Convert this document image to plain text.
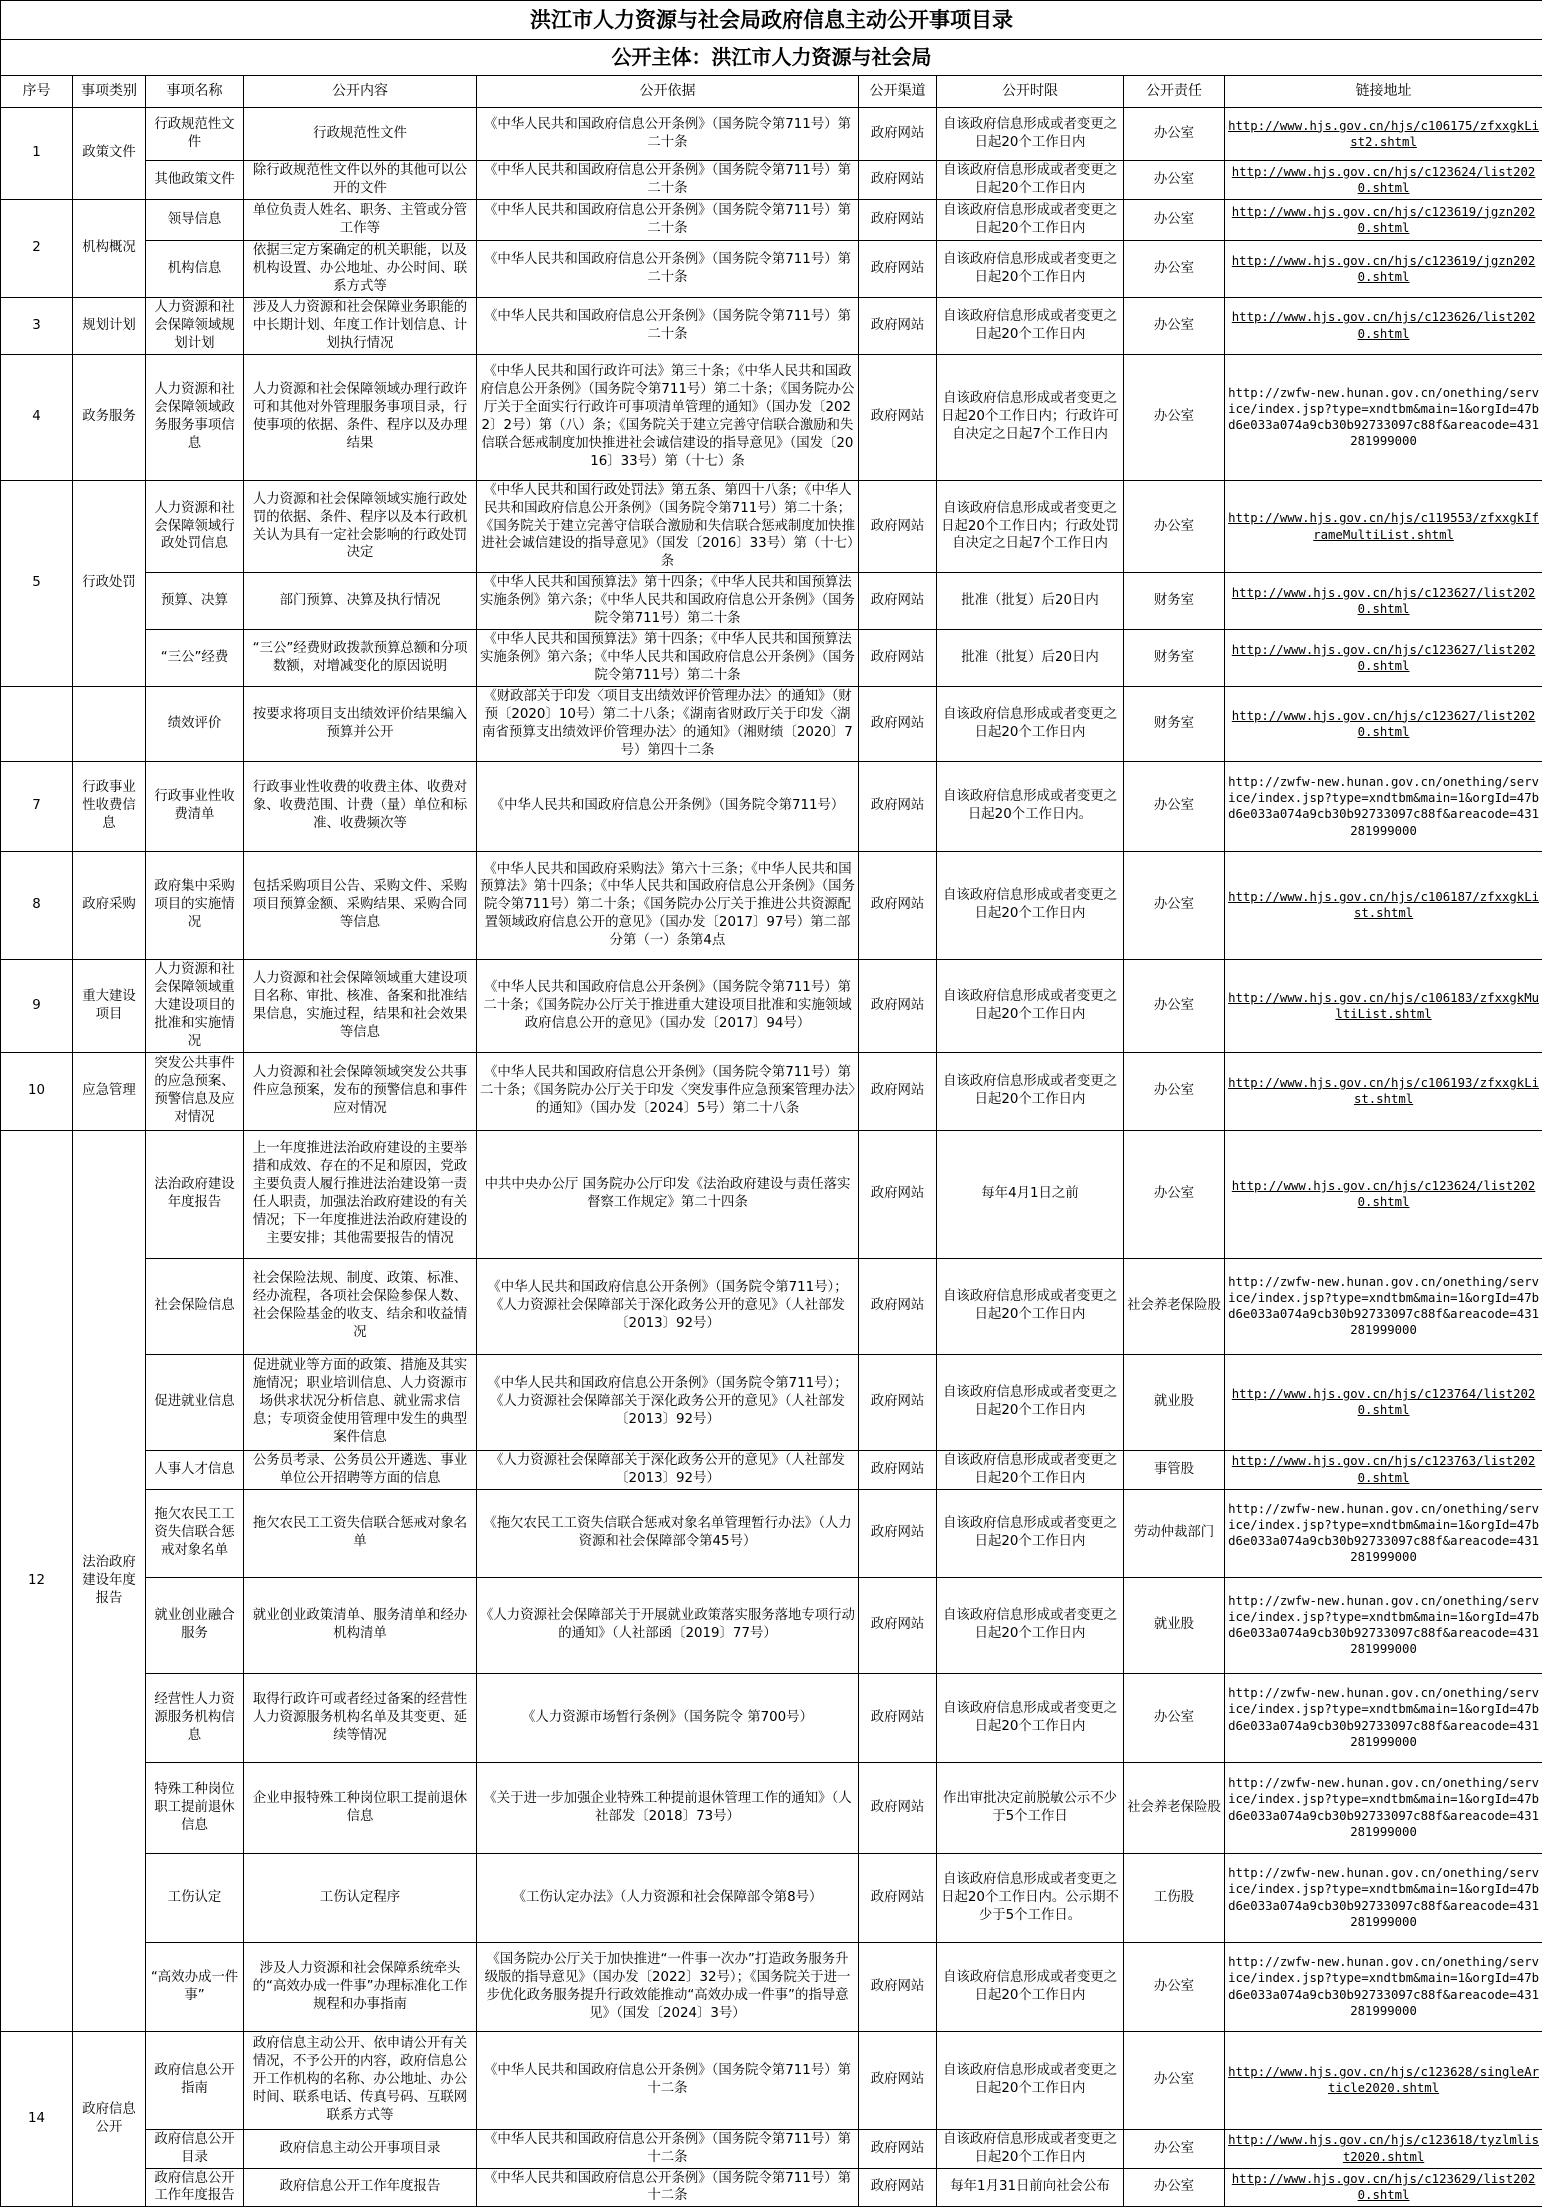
洪江市人力资源与社会局政府信息主动公开事项目录								
公开主体：洪江市人力资源与社会局								
序号	事项类别	事项名称	公开内容	公开依据	公开渠道	公开时限	公开责任	链接地址
1	政策文件	行政规范性文件	行政规范性文件	《中华人民共和国政府信息公开条例》（国务院令第711号）第二十条	政府网站	自该政府信息形成或者变更之日起20个工作日内	办公室	http://www.hjs.gov.cn/hjs/c106175/zfxxgkList2.shtml
		其他政策文件	除行政规范性文件以外的其他可以公开的文件	《中华人民共和国政府信息公开条例》（国务院令第711号）第二十条	政府网站	自该政府信息形成或者变更之日起20个工作日内	办公室	http://www.hjs.gov.cn/hjs/c123624/list2020.shtml
2	机构概况	领导信息	单位负责人姓名、职务、主管或分管工作等	《中华人民共和国政府信息公开条例》（国务院令第711号）第二十条	政府网站	自该政府信息形成或者变更之日起20个工作日内	办公室	http://www.hjs.gov.cn/hjs/c123619/jgzn2020.shtml
		机构信息	依据三定方案确定的机关职能，以及机构设置、办公地址、办公时间、联系方式等	《中华人民共和国政府信息公开条例》（国务院令第711号）第二十条	政府网站	自该政府信息形成或者变更之日起20个工作日内	办公室	http://www.hjs.gov.cn/hjs/c123619/jgzn2020.shtml
3	规划计划	人力资源和社会保障领域规划计划	涉及人力资源和社会保障业务职能的中长期计划、年度工作计划信息、计划执行情况	《中华人民共和国政府信息公开条例》（国务院令第711号）第二十条	政府网站	自该政府信息形成或者变更之日起20个工作日内	办公室	http://www.hjs.gov.cn/hjs/c123626/list2020.shtml
4	政务服务	人力资源和社会保障领域政务服务事项信息	人力资源和社会保障领域办理行政许可和其他对外管理服务事项目录，行使事项的依据、条件、程序以及办理结果	《中华人民共和国行政许可法》第三十条；《中华人民共和国政府信息公开条例》（国务院令第711号）第二十条；《国务院办公厅关于全面实行行政许可事项清单管理的通知》（国办发〔2022〕2号）第（八）条；《国务院关于建立完善守信联合激励和失信联合惩戒制度加快推进社会诚信建设的指导意见》（国发〔2016〕33号）第（十七）条	政府网站	自该政府信息形成或者变更之日起20个工作日内；行政许可自决定之日起7个工作日内	办公室	http://zwfw-new.hunan.gov.cn/onething/service/index.jsp?type=xndtbm&main=1&orgId=47bd6e033a074a9cb30b92733097c88f&areacode=431281999000
5	行政处罚	人力资源和社会保障领域行政处罚信息	人力资源和社会保障领域实施行政处罚的依据、条件、程序以及本行政机关认为具有一定社会影响的行政处罚决定	《中华人民共和国行政处罚法》第五条、第四十八条；《中华人民共和国政府信息公开条例》（国务院令第711号）第二十条；《国务院关于建立完善守信联合激励和失信联合惩戒制度加快推进社会诚信建设的指导意见》（国发〔2016〕33号）第（十七）条	政府网站	自该政府信息形成或者变更之日起20个工作日内；行政处罚自决定之日起7个工作日内	办公室	http://www.hjs.gov.cn/hjs/c119553/zfxxgkIframeMultiList.shtml
		预算、决算	部门预算、决算及执行情况	《中华人民共和国预算法》第十四条；《中华人民共和国预算法实施条例》第六条；《中华人民共和国政府信息公开条例》（国务院令第711号）第二十条	政府网站	批准（批复）后20日内	财务室	http://www.hjs.gov.cn/hjs/c123627/list2020.shtml
		“三公”经费	“三公”经费财政拨款预算总额和分项数额，对增减变化的原因说明	《中华人民共和国预算法》第十四条；《中华人民共和国预算法实施条例》第六条；《中华人民共和国政府信息公开条例》（国务院令第711号）第二十条	政府网站	批准（批复）后20日内	财务室	http://www.hjs.gov.cn/hjs/c123627/list2020.shtml
		绩效评价	按要求将项目支出绩效评价结果编入预算并公开	《财政部关于印发〈项目支出绩效评价管理办法〉的通知》（财预〔2020〕10号）第二十八条；《湖南省财政厅关于印发〈湖南省预算支出绩效评价管理办法〉的通知》（湘财绩〔2020〕7号）第四十二条	政府网站	自该政府信息形成或者变更之日起20个工作日内	财务室	http://www.hjs.gov.cn/hjs/c123627/list2020.shtml
7	行政事业性收费信息	行政事业性收费清单	行政事业性收费的收费主体、收费对象、收费范围、计费（量）单位和标准、收费频次等	《中华人民共和国政府信息公开条例》（国务院令第711号）	政府网站	自该政府信息形成或者变更之日起20个工作日内。	办公室	http://zwfw-new.hunan.gov.cn/onething/service/index.jsp?type=xndtbm&main=1&orgId=47bd6e033a074a9cb30b92733097c88f&areacode=431281999000
8	政府采购	政府集中采购项目的实施情况	包括采购项目公告、采购文件、采购项目预算金额、采购结果、采购合同等信息	《中华人民共和国政府采购法》第六十三条；《中华人民共和国预算法》第十四条；《中华人民共和国政府信息公开条例》（国务院令第711号）第二十条；《国务院办公厅关于推进公共资源配置领域政府信息公开的意见》（国办发〔2017〕97号）第二部分第（一）条第4点	政府网站	自该政府信息形成或者变更之日起20个工作日内	办公室	http://www.hjs.gov.cn/hjs/c106187/zfxxgkList.shtml
9	重大建设项目	人力资源和社会保障领域重大建设项目的批准和实施情况	人力资源和社会保障领域重大建设项目名称、审批、核准、备案和批准结果信息，实施过程，结果和社会效果等信息	《中华人民共和国政府信息公开条例》（国务院令第711号）第二十条；《国务院办公厅关于推进重大建设项目批准和实施领域政府信息公开的意见》（国办发〔2017〕94号）	政府网站	自该政府信息形成或者变更之日起20个工作日内	办公室	http://www.hjs.gov.cn/hjs/c106183/zfxxgkMultiList.shtml
10	应急管理	突发公共事件的应急预案、预警信息及应对情况	人力资源和社会保障领域突发公共事件应急预案，发布的预警信息和事件应对情况	《中华人民共和国政府信息公开条例》（国务院令第711号）第二十条；《国务院办公厅关于印发〈突发事件应急预案管理办法〉的通知》（国办发〔2024〕5号）第二十八条	政府网站	自该政府信息形成或者变更之日起20个工作日内	办公室	http://www.hjs.gov.cn/hjs/c106193/zfxxgkList.shtml
12	法治政府建设年度报告	法治政府建设年度报告	上一年度推进法治政府建设的主要举措和成效、存在的不足和原因，党政主要负责人履行推进法治建设第一责任人职责，加强法治政府建设的有关情况；下一年度推进法治政府建设的主要安排；其他需要报告的情况	中共中央办公厅 国务院办公厅印发《法治政府建设与责任落实督察工作规定》第二十四条	政府网站	每年4月1日之前	办公室	http://www.hjs.gov.cn/hjs/c123624/list2020.shtml
		社会保险信息	社会保险法规、制度、政策、标准、经办流程，各项社会保险参保人数、社会保险基金的收支、结余和收益情况	《中华人民共和国政府信息公开条例》（国务院令第711号）；《人力资源社会保障部关于深化政务公开的意见》（人社部发〔2013〕92号）	政府网站	自该政府信息形成或者变更之日起20个工作日内	社会养老保险股	http://zwfw-new.hunan.gov.cn/onething/service/index.jsp?type=xndtbm&main=1&orgId=47bd6e033a074a9cb30b92733097c88f&areacode=431281999000
		促进就业信息	促进就业等方面的政策、措施及其实施情况；职业培训信息、人力资源市场供求状况分析信息、就业需求信息；专项资金使用管理中发生的典型案件信息	《中华人民共和国政府信息公开条例》（国务院令第711号）；《人力资源社会保障部关于深化政务公开的意见》（人社部发〔2013〕92号）	政府网站	自该政府信息形成或者变更之日起20个工作日内	就业股	http://www.hjs.gov.cn/hjs/c123764/list2020.shtml
		人事人才信息	公务员考录、公务员公开遴选、事业单位公开招聘等方面的信息	《人力资源社会保障部关于深化政务公开的意见》（人社部发〔2013〕92号）	政府网站	自该政府信息形成或者变更之日起20个工作日内	事管股	http://www.hjs.gov.cn/hjs/c123763/list2020.shtml
		拖欠农民工工资失信联合惩戒对象名单	拖欠农民工工资失信联合惩戒对象名单	《拖欠农民工工资失信联合惩戒对象名单管理暂行办法》（人力资源和社会保障部令第45号）	政府网站	自该政府信息形成或者变更之日起20个工作日内	劳动仲裁部门	http://zwfw-new.hunan.gov.cn/onething/service/index.jsp?type=xndtbm&main=1&orgId=47bd6e033a074a9cb30b92733097c88f&areacode=431281999000
		就业创业融合服务	就业创业政策清单、服务清单和经办机构清单	《人力资源社会保障部关于开展就业政策落实服务落地专项行动的通知》（人社部函〔2019〕77号）	政府网站	自该政府信息形成或者变更之日起20个工作日内	就业股	http://zwfw-new.hunan.gov.cn/onething/service/index.jsp?type=xndtbm&main=1&orgId=47bd6e033a074a9cb30b92733097c88f&areacode=431281999000
		经营性人力资源服务机构信息	取得行政许可或者经过备案的经营性人力资源服务机构名单及其变更、延续等情况	《人力资源市场暂行条例》（国务院令 第700号）	政府网站	自该政府信息形成或者变更之日起20个工作日内	办公室	http://zwfw-new.hunan.gov.cn/onething/service/index.jsp?type=xndtbm&main=1&orgId=47bd6e033a074a9cb30b92733097c88f&areacode=431281999000
		特殊工种岗位职工提前退休信息	企业申报特殊工种岗位职工提前退休信息	《关于进一步加强企业特殊工种提前退休管理工作的通知》（人社部发〔2018〕73号）	政府网站	作出审批决定前脱敏公示不少于5个工作日	社会养老保险股	http://zwfw-new.hunan.gov.cn/onething/service/index.jsp?type=xndtbm&main=1&orgId=47bd6e033a074a9cb30b92733097c88f&areacode=431281999000
		工伤认定	工伤认定程序	《工伤认定办法》（人力资源和社会保障部令第8号）	政府网站	自该政府信息形成或者变更之日起20个工作日内。公示期不少于5个工作日。	工伤股	http://zwfw-new.hunan.gov.cn/onething/service/index.jsp?type=xndtbm&main=1&orgId=47bd6e033a074a9cb30b92733097c88f&areacode=431281999000
		“高效办成一件事”	涉及人力资源和社会保障系统牵头的“高效办成一件事”办理标准化工作规程和办事指南	《国务院办公厅关于加快推进“一件事一次办”打造政务服务升级版的指导意见》（国办发〔2022〕32号）；《国务院关于进一步优化政务服务提升行政效能推动“高效办成一件事”的指导意见》（国发〔2024〕3号）	政府网站	自该政府信息形成或者变更之日起20个工作日内	办公室	http://zwfw-new.hunan.gov.cn/onething/service/index.jsp?type=xndtbm&main=1&orgId=47bd6e033a074a9cb30b92733097c88f&areacode=431281999000
14	政府信息公开	政府信息公开指南	政府信息主动公开、依申请公开有关情况，不予公开的内容，政府信息公开工作机构的名称、办公地址、办公时间、联系电话、传真号码、互联网联系方式等	《中华人民共和国政府信息公开条例》（国务院令第711号）第十二条	政府网站	自该政府信息形成或者变更之日起20个工作日内	办公室	http://www.hjs.gov.cn/hjs/c123628/singleArticle2020.shtml
		政府信息公开目录	政府信息主动公开事项目录	《中华人民共和国政府信息公开条例》（国务院令第711号）第十二条	政府网站	自该政府信息形成或者变更之日起20个工作日内	办公室	http://www.hjs.gov.cn/hjs/c123618/tyzlmlist2020.shtml
		政府信息公开工作年度报告	政府信息公开工作年度报告	《中华人民共和国政府信息公开条例》（国务院令第711号）第十二条	政府网站	每年1月31日前向社会公布	办公室	http://www.hjs.gov.cn/hjs/c123629/list2020.shtml
